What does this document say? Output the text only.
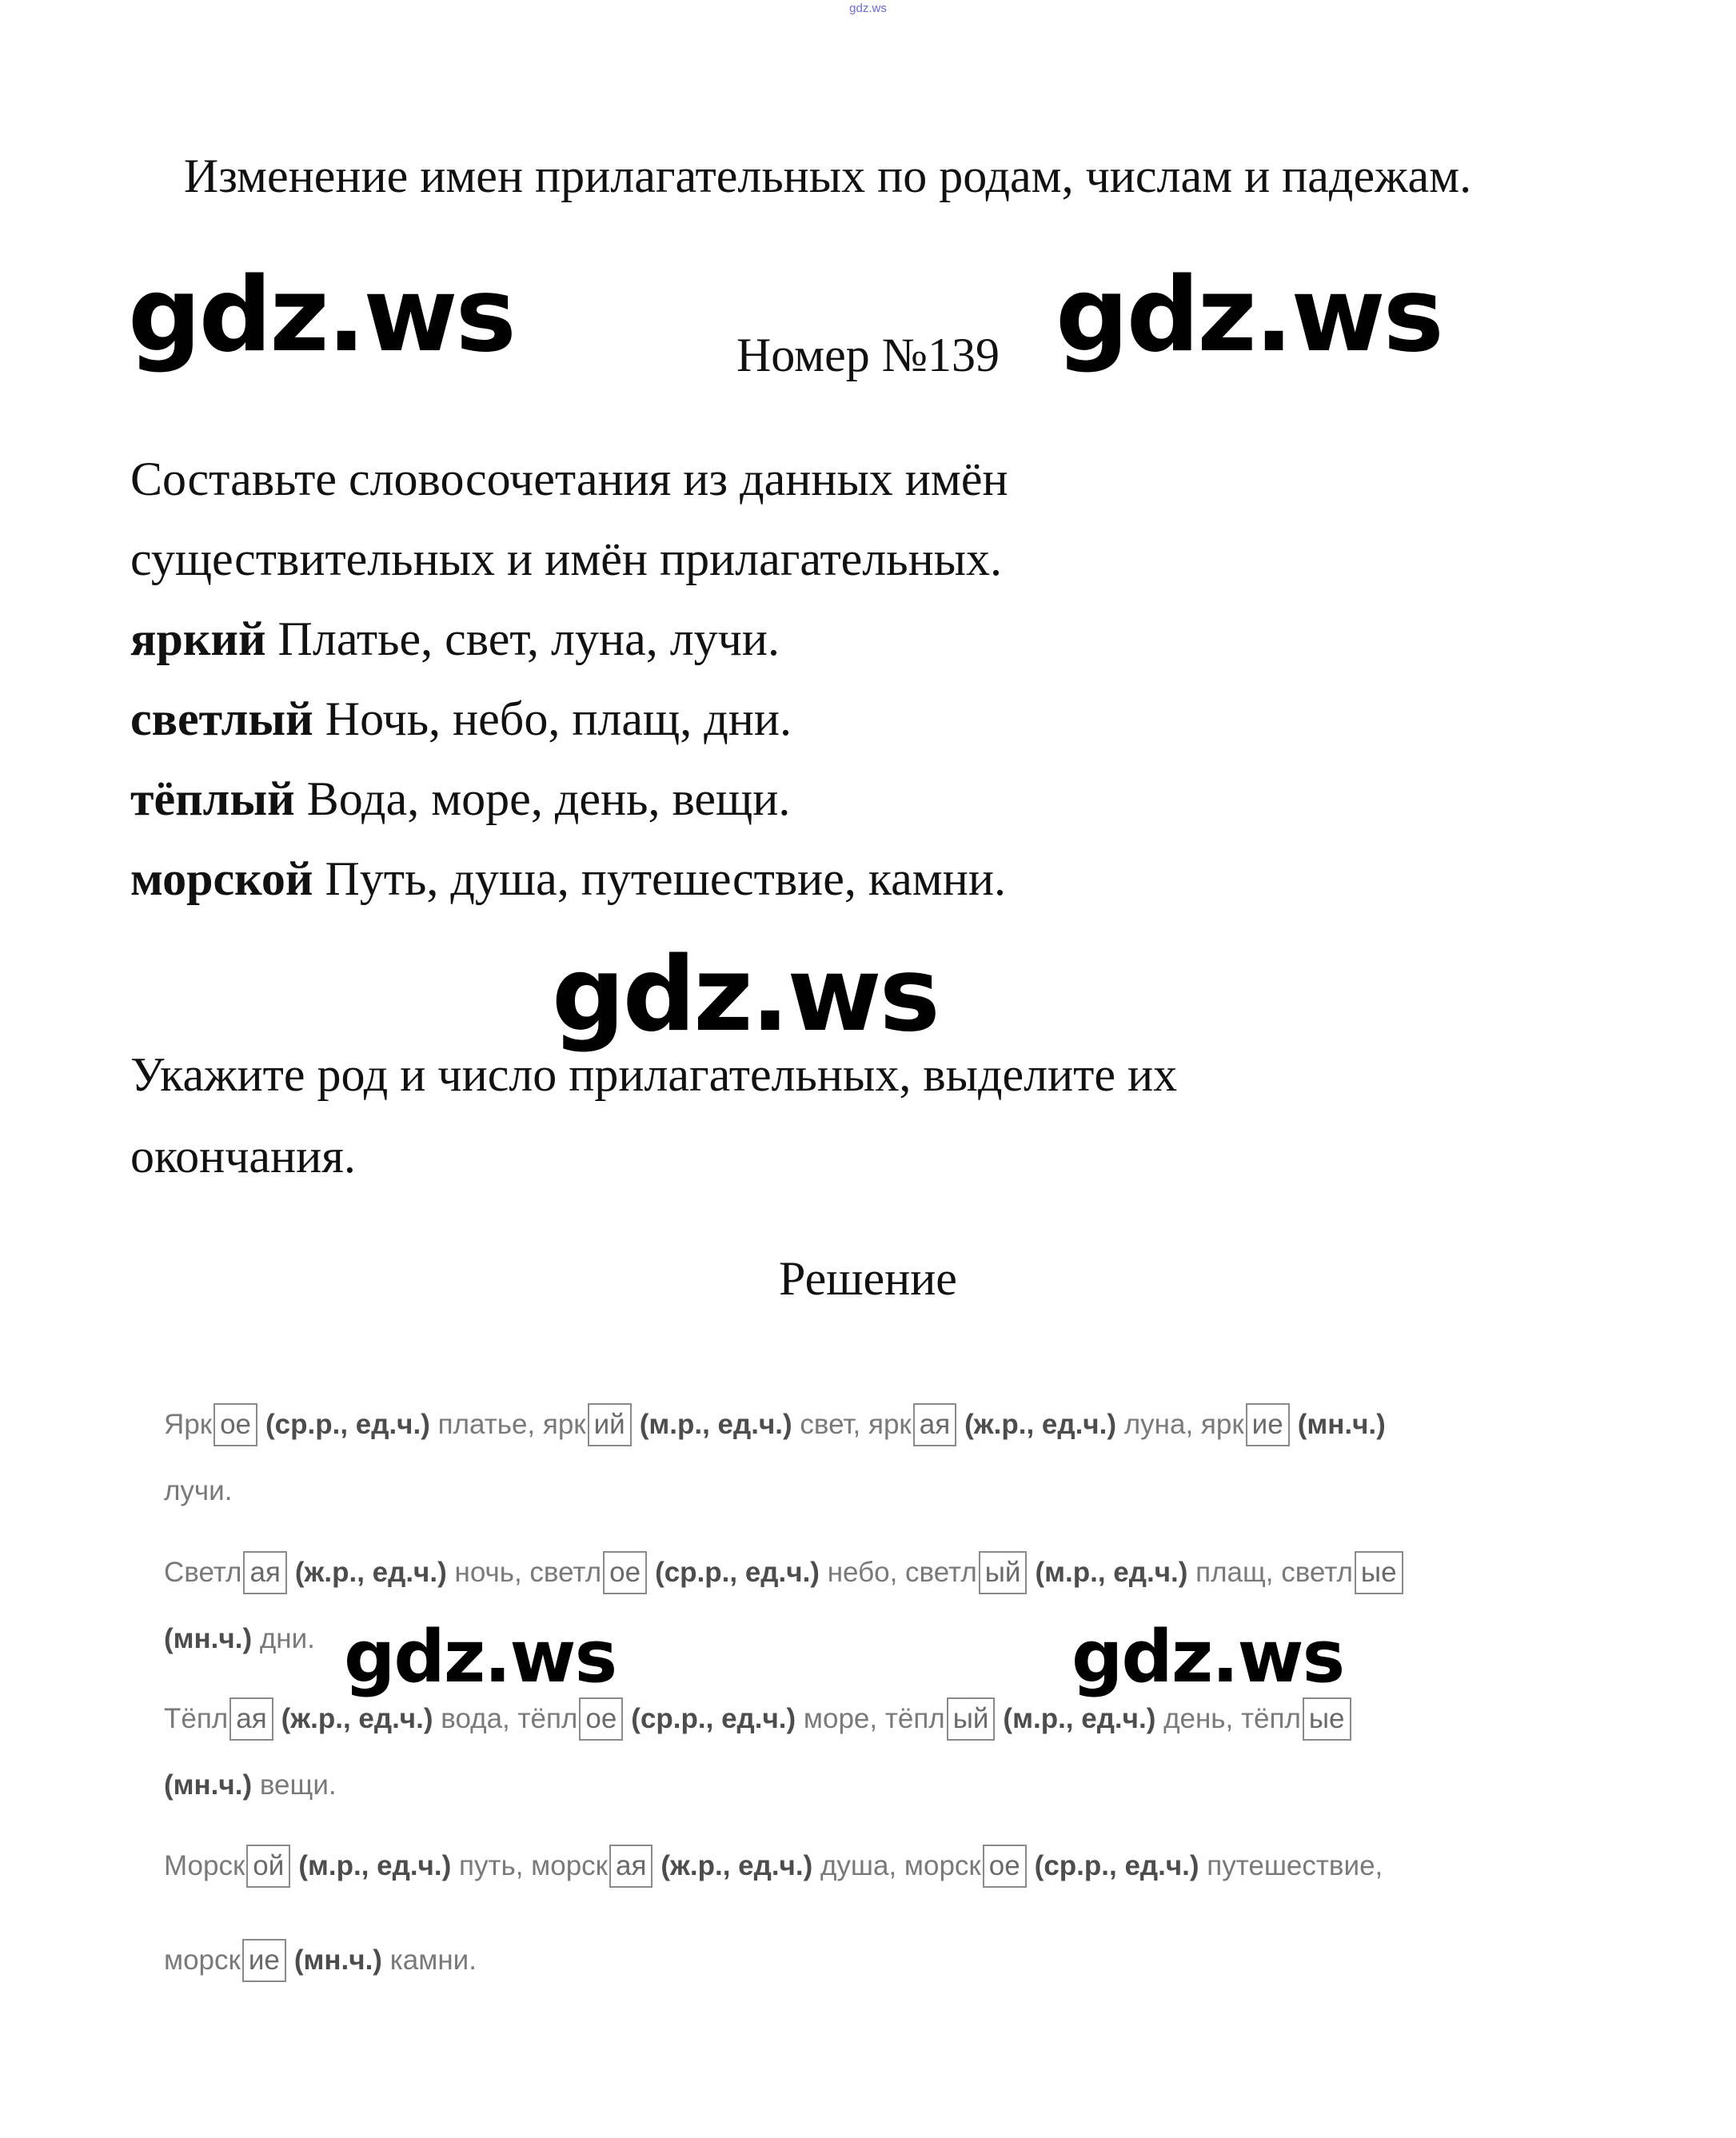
gdz.ws
Изменение имен прилагательных по родам, числам и падежам.
Номер №139
Составьте словосочетания из данных имён
существительных и имён прилагательных.
яркий Платье, свет, луна, лучи.
светлый Ночь, небо, плащ, дни.
тёплый Вода, море, день, вещи.
морской Путь, душа, путешествие, камни.
Укажите род и число прилагательных, выделите их
окончания.
Решение
Ярк ое (ср.р., ед.ч.) платье, ярк ий (м.р., ед.ч.) свет, ярк ая (ж.р., ед.ч.) луна, ярк ие (мн.ч.)
лучи.
Светл ая (ж.р., ед.ч.) ночь, светл ое (ср.р., ед.ч.) небо, светл ый (м.р., ед.ч.) плащ, светл ые
(мн.ч.) дни.
Тёпл ая (ж.р., ед.ч.) вода, тёпл ое (ср.р., ед.ч.) море, тёпл ый (м.р., ед.ч.) день, тёпл ые
(мн.ч.) вещи.
Морск ой (м.р., ед.ч.) путь, морск ая (ж.р., ед.ч.) душа, морск ое (ср.р., ед.ч.) путешествие,
морск ие (мн.ч.) камни.
gdz.ws	gdz.ws
gdz.ws
gdz.ws	gdz.ws
